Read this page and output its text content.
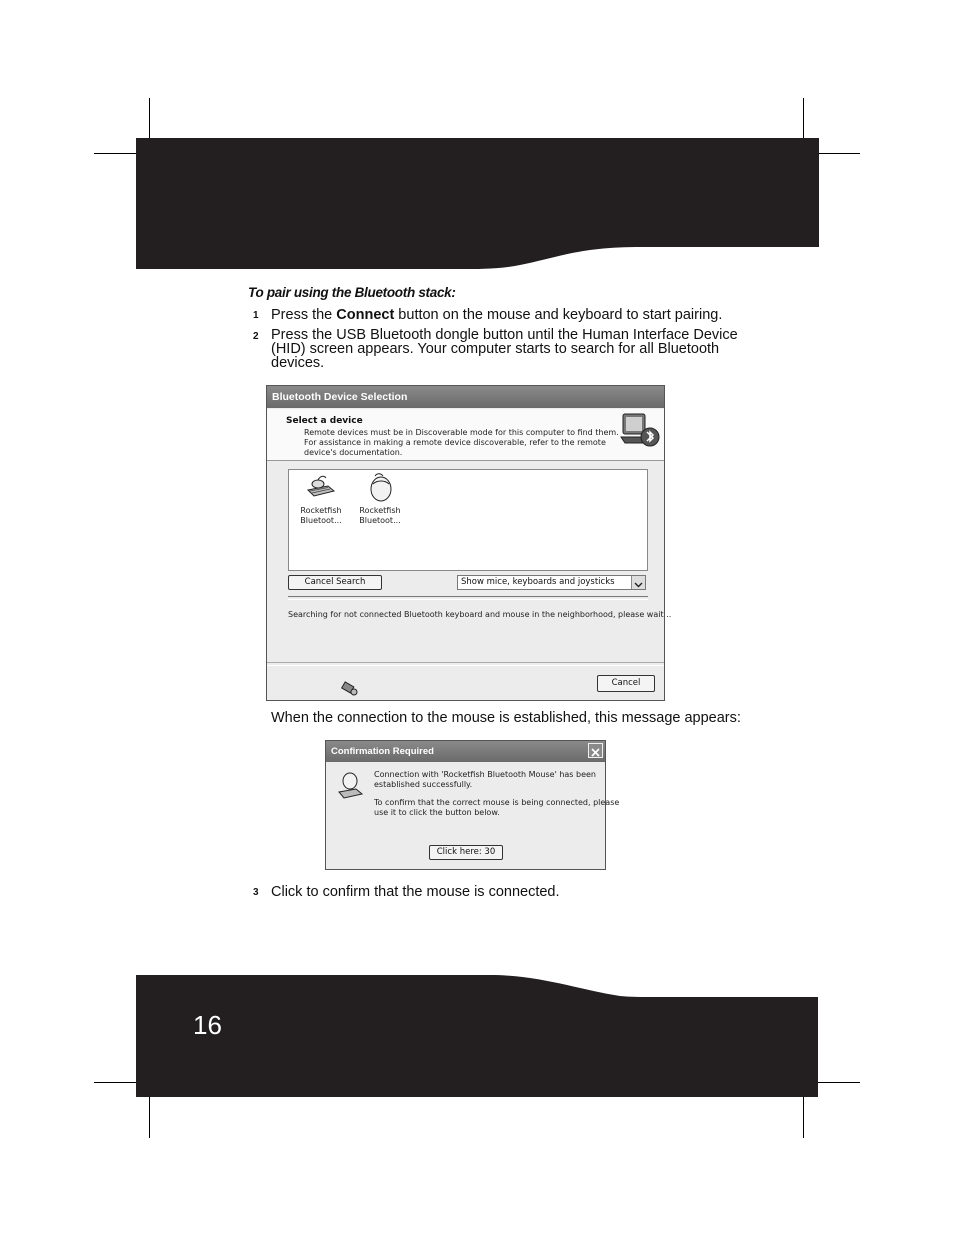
To pair using the Bluetooth stack:
1 Press the Connect button on the mouse and keyboard to start pairing.
2 Press the USB Bluetooth dongle button until the Human Interface Device
(HID) screen appears. Your computer starts to search for all Bluetooth
devices.
Bluetooth Device Selection
Select a device
Remote devices must be in Discoverable mode for this computer to find them.
For assistance in making a remote device discoverable, refer to the remote
device's documentation.
Rocketfish
Bluetoot...
Rocketfish
Bluetoot...
Cancel Search	Show mice, keyboards and joysticks
Searching for not connected Bluetooth keyboard and mouse in the neighborhood, please wait ..
Cancel
When the connection to the mouse is established, this message appears:
Confirmation Required
Connection with 'Rocketfish Bluetooth Mouse' has been
established successfully.
To confirm that the correct mouse is being connected, please
use it to click the button below.
Click here: 30
3 Click to confirm that the mouse is connected.
16
